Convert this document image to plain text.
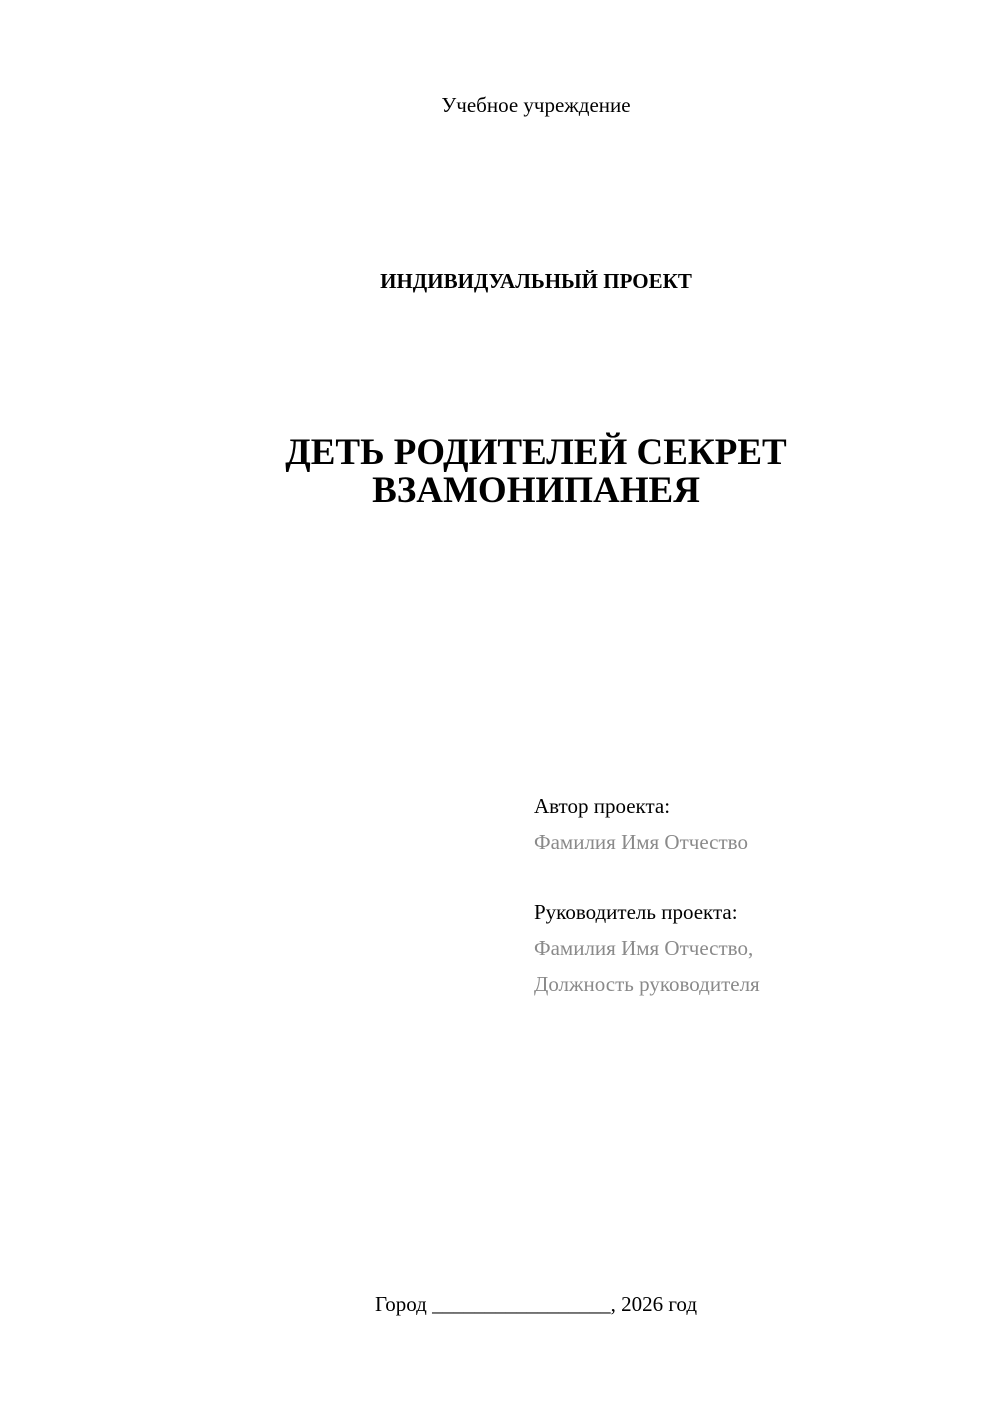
Учебное учреждение
ИНДИВИДУАЛЬНЫЙ ПРОЕКТ
ДЕТЬ РОДИТЕЛЕЙ СЕКРЕТ
ВЗАМОНИПАНЕЯ
Автор проекта:
Фамилия Имя Отчество
Руководитель проекта:
Фамилия Имя Отчество,
Должность руководителя
Город _________________, 2026 год
